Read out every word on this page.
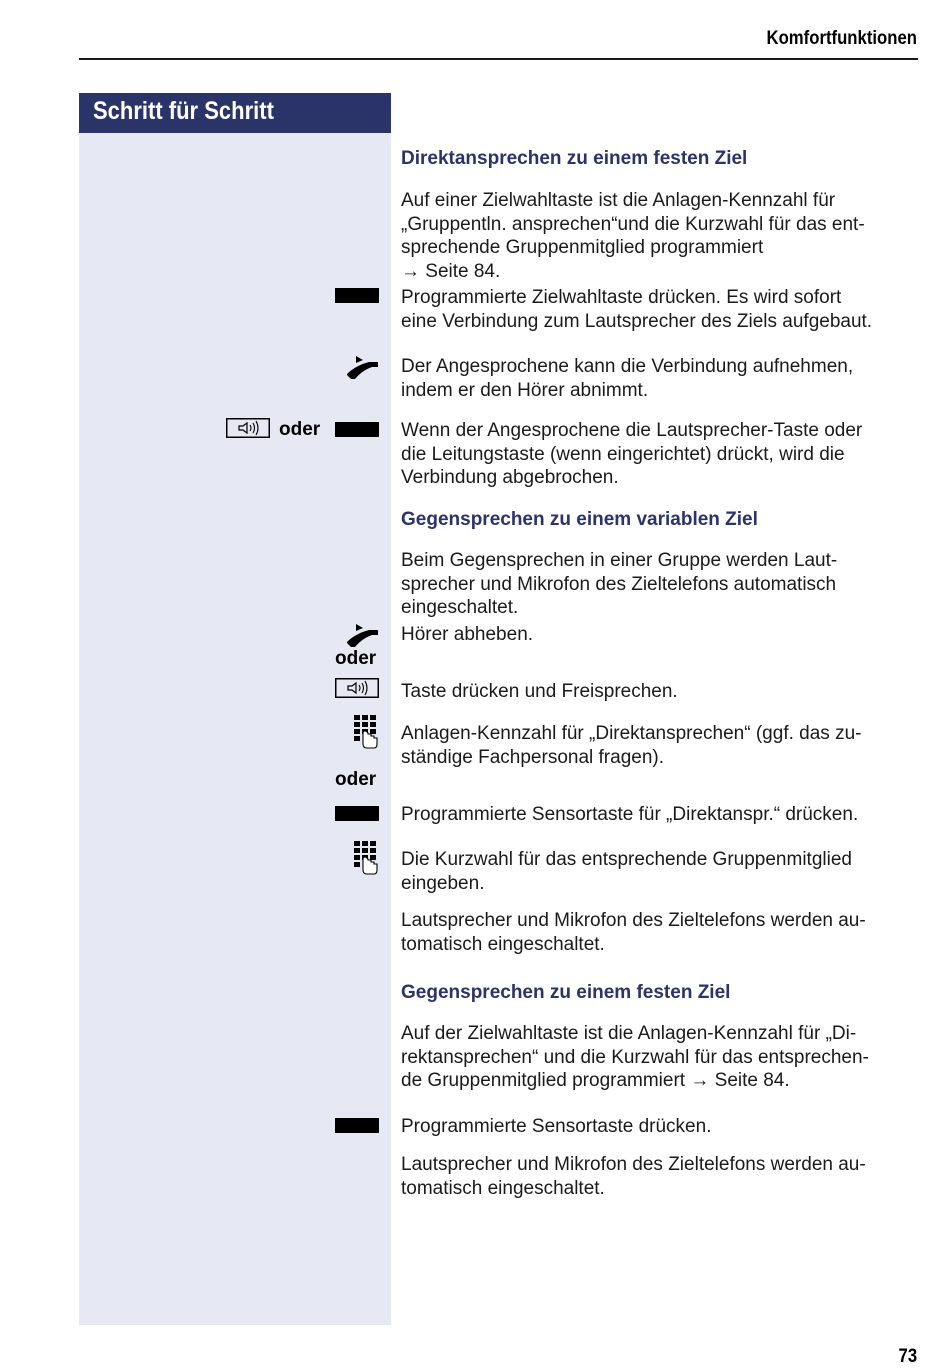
Komfortfunktionen
Schritt für Schritt
Direktansprechen zu einem festen Ziel
Auf einer Zielwahltaste ist die Anlagen-Kennzahl für
„Gruppentln. ansprechen“und die Kurzwahl für das ent-
sprechende Gruppenmitglied programmiert
→ Seite 84.
Programmierte Zielwahltaste drücken. Es wird sofort
eine Verbindung zum Lautsprecher des Ziels aufgebaut.
Der Angesprochene kann die Verbindung aufnehmen,
indem er den Hörer abnimmt.
oder	Wenn der Angesprochene die Lautsprecher-Taste oder
die Leitungstaste (wenn eingerichtet) drückt, wird die
Verbindung abgebrochen.
Gegensprechen zu einem variablen Ziel
Beim Gegensprechen in einer Gruppe werden Laut-
sprecher und Mikrofon des Zieltelefons automatisch
eingeschaltet.
Hörer abheben.
oder
Taste drücken und Freisprechen.
Anlagen-Kennzahl für „Direktansprechen“ (ggf. das zu-
ständige Fachpersonal fragen).
oder
Programmierte Sensortaste für „Direktanspr.“ drücken.
Die Kurzwahl für das entsprechende Gruppenmitglied
eingeben.
Lautsprecher und Mikrofon des Zieltelefons werden au-
tomatisch eingeschaltet.
Gegensprechen zu einem festen Ziel
Auf der Zielwahltaste ist die Anlagen-Kennzahl für „Di-
rektansprechen“ und die Kurzwahl für das entsprechen-
de Gruppenmitglied programmiert → Seite 84.
Programmierte Sensortaste drücken.
Lautsprecher und Mikrofon des Zieltelefons werden au-
tomatisch eingeschaltet.
73
